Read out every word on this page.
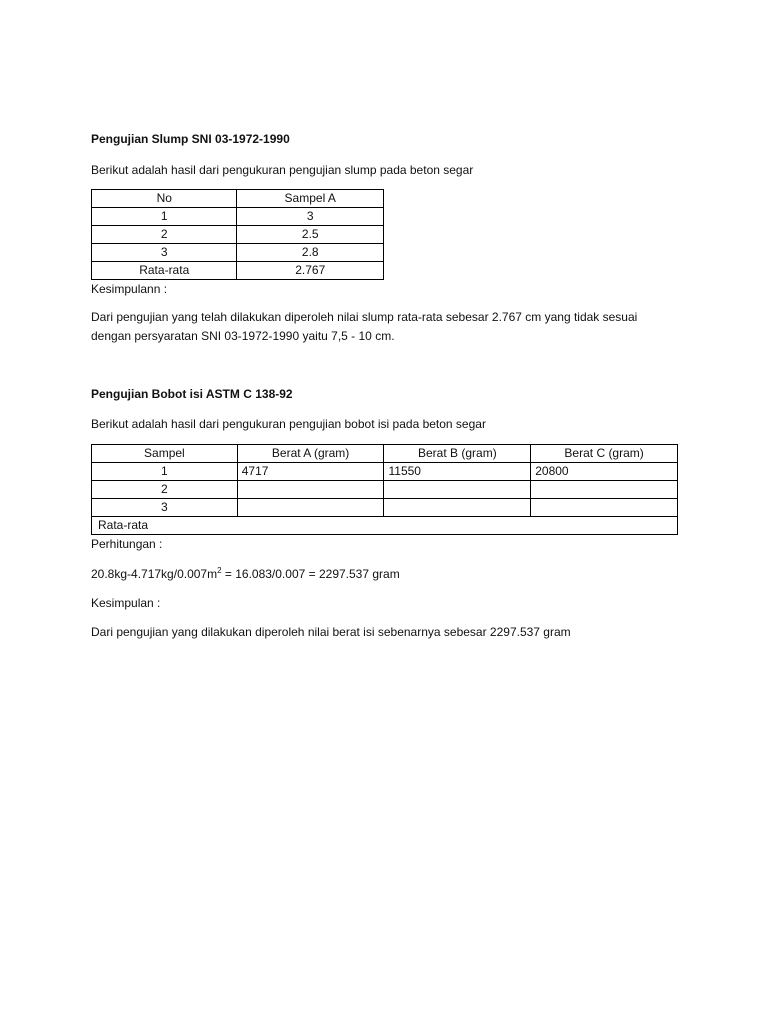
Pengujian Slump SNI 03-1972-1990
Berikut adalah hasil dari pengukuran pengujian slump pada beton segar
No	Sampel A
1	3
2	2.5
3	2.8
Rata-rata	2.767
Kesimpulann :
Dari pengujian yang telah dilakukan diperoleh nilai slump rata-rata sebesar 2.767 cm yang tidak sesuai
dengan persyaratan SNI 03-1972-1990 yaitu 7,5 - 10 cm.
Pengujian Bobot isi ASTM C 138-92
Berikut adalah hasil dari pengukuran pengujian bobot isi pada beton segar
Sampel	Berat A (gram)	Berat B (gram)	Berat C (gram)
1	4717	11550	20800
2			
3			
Rata-rata			
Perhitungan :
$20.8kg-4.717kg/0.007m^2 = 16.083/0.007 = 2297.537$ gram
Kesimpulan :
Dari pengujian yang dilakukan diperoleh nilai berat isi sebenarnya sebesar 2297.537 gram
